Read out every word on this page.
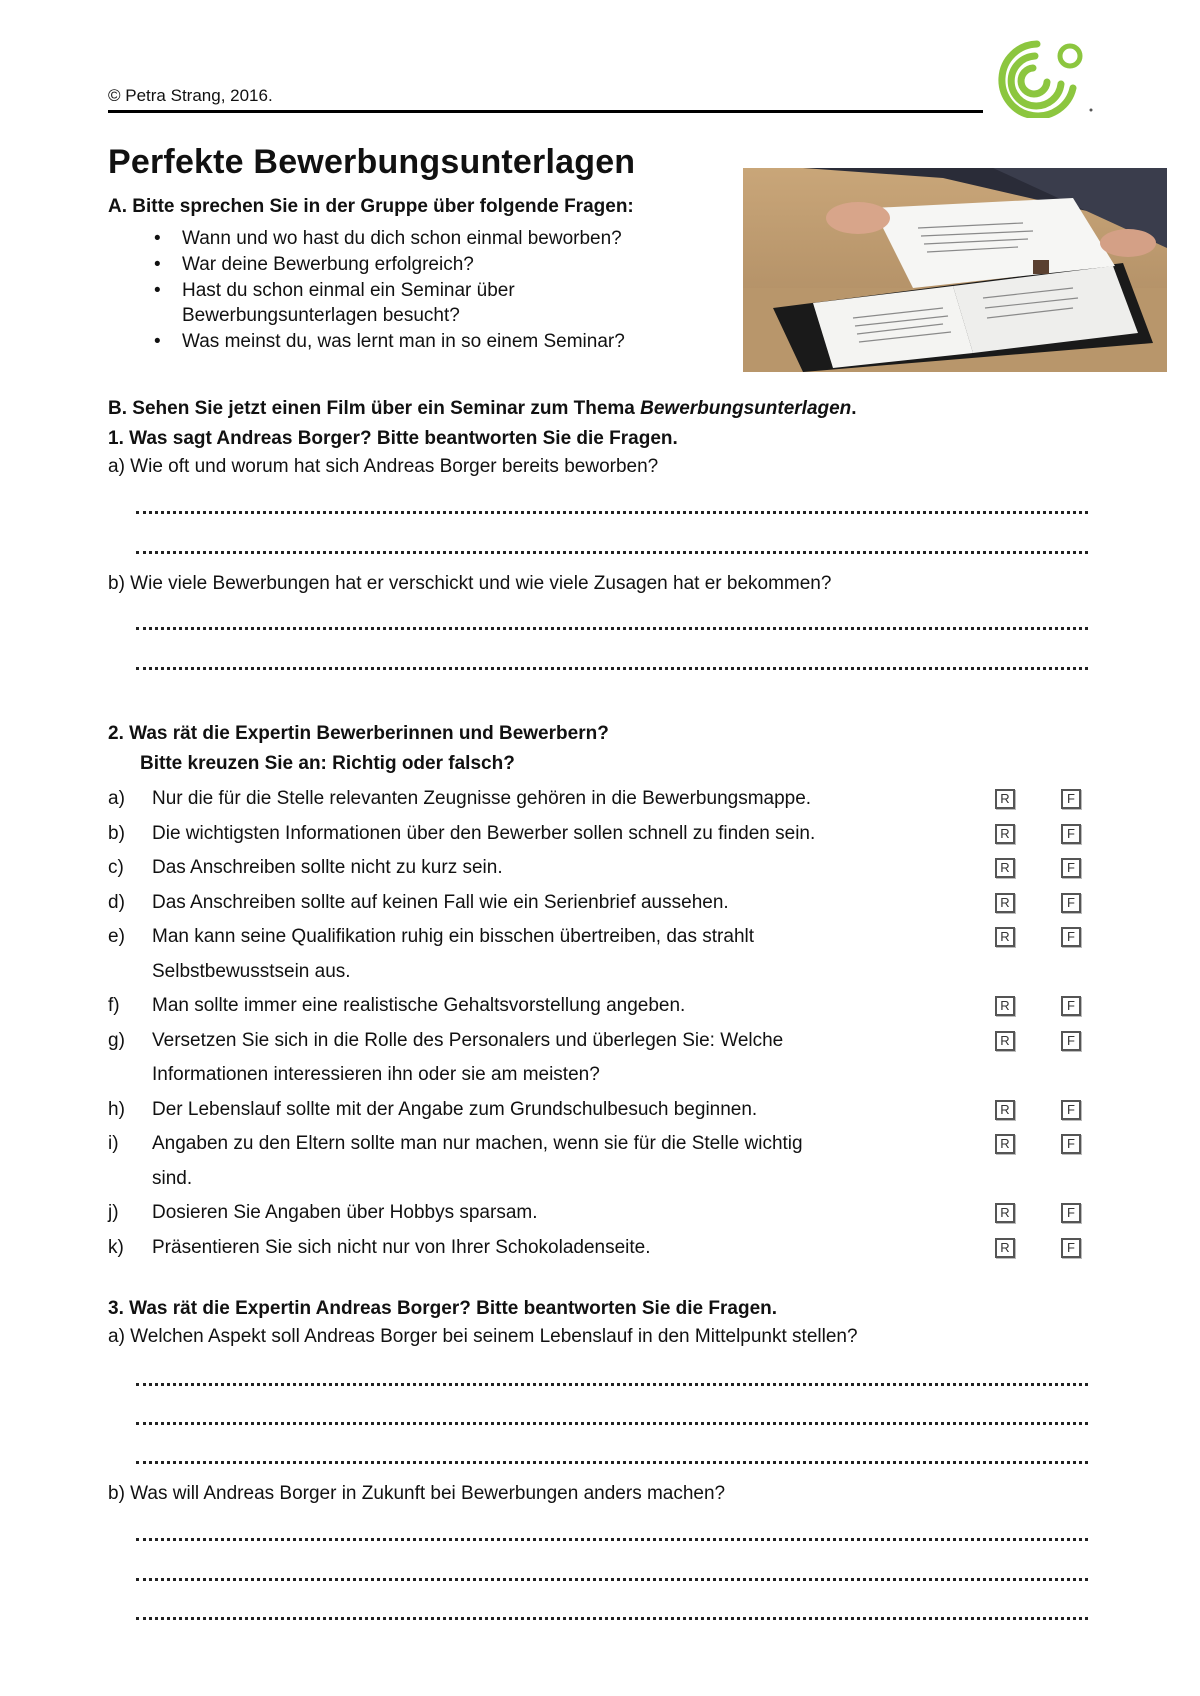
© Petra Strang, 2016.
Perfekte Bewerbungsunterlagen
A. Bitte sprechen Sie in der Gruppe über folgende Fragen:
• Wann und wo hast du dich schon einmal beworben?
• War deine Bewerbung erfolgreich?
• Hast du schon einmal ein Seminar über Bewerbungsunterlagen besucht?
• Was meinst du, was lernt man in so einem Seminar?
B. Sehen Sie jetzt einen Film über ein Seminar zum Thema Bewerbungsunterlagen.
1. Was sagt Andreas Borger? Bitte beantworten Sie die Fragen.
a) Wie oft und worum hat sich Andreas Borger bereits beworben?
b) Wie viele Bewerbungen hat er verschickt und wie viele Zusagen hat er bekommen?
2. Was rät die Expertin Bewerberinnen und Bewerbern?
Bitte kreuzen Sie an: Richtig oder falsch?
a) Nur die für die Stelle relevanten Zeugnisse gehören in die Bewerbungsmappe.	R	F
b) Die wichtigsten Informationen über den Bewerber sollen schnell zu finden sein.	R	F
c) Das Anschreiben sollte nicht zu kurz sein.	R	F
d) Das Anschreiben sollte auf keinen Fall wie ein Serienbrief aussehen.	R	F
e) Man kann seine Qualifikation ruhig ein bisschen übertreiben, das strahlt	R	F
Selbstbewusstsein aus.
f) Man sollte immer eine realistische Gehaltsvorstellung angeben.	R	F
g) Versetzen Sie sich in die Rolle des Personalers und überlegen Sie: Welche	R	F
Informationen interessieren ihn oder sie am meisten?
h) Der Lebenslauf sollte mit der Angabe zum Grundschulbesuch beginnen.	R	F
i) Angaben zu den Eltern sollte man nur machen, wenn sie für die Stelle wichtig	R	F
sind.
j) Dosieren Sie Angaben über Hobbys sparsam.	R	F
k) Präsentieren Sie sich nicht nur von Ihrer Schokoladenseite.	R	F
3. Was rät die Expertin Andreas Borger? Bitte beantworten Sie die Fragen.
a) Welchen Aspekt soll Andreas Borger bei seinem Lebenslauf in den Mittelpunkt stellen?
b) Was will Andreas Borger in Zukunft bei Bewerbungen anders machen?
